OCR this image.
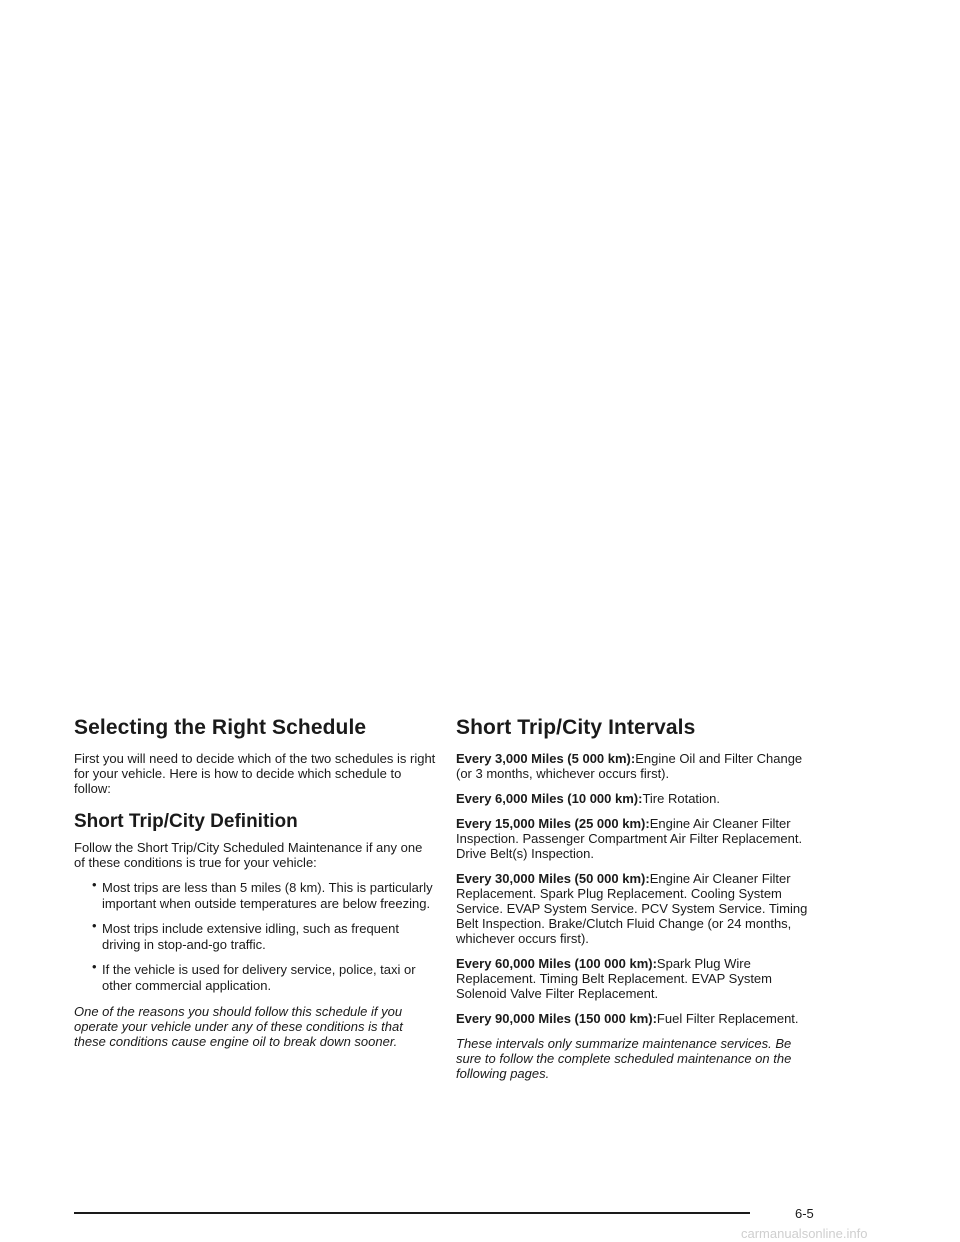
Selecting the Right Schedule

First you will need to decide which of the two schedules is right for your vehicle. Here is how to decide which schedule to follow:

Short Trip/City Definition

Follow the Short Trip/City Scheduled Maintenance if any one of these conditions is true for your vehicle:

• Most trips are less than 5 miles (8 km). This is particularly important when outside temperatures are below freezing.
• Most trips include extensive idling, such as frequent driving in stop-and-go traffic.
• If the vehicle is used for delivery service, police, taxi or other commercial application.

One of the reasons you should follow this schedule if you operate your vehicle under any of these conditions is that these conditions cause engine oil to break down sooner.

Short Trip/City Intervals

Every 3,000 Miles (5 000 km):Engine Oil and Filter Change (or 3 months, whichever occurs first).

Every 6,000 Miles (10 000 km):Tire Rotation.

Every 15,000 Miles (25 000 km):Engine Air Cleaner Filter Inspection. Passenger Compartment Air Filter Replacement. Drive Belt(s) Inspection.

Every 30,000 Miles (50 000 km):Engine Air Cleaner Filter Replacement. Spark Plug Replacement. Cooling System Service. EVAP System Service. PCV System Service. Timing Belt Inspection. Brake/Clutch Fluid Change (or 24 months, whichever occurs first).

Every 60,000 Miles (100 000 km):Spark Plug Wire Replacement. Timing Belt Replacement. EVAP System Solenoid Valve Filter Replacement.

Every 90,000 Miles (150 000 km):Fuel Filter Replacement.

These intervals only summarize maintenance services. Be sure to follow the complete scheduled maintenance on the following pages.

6-5
carmanualsonline.info
